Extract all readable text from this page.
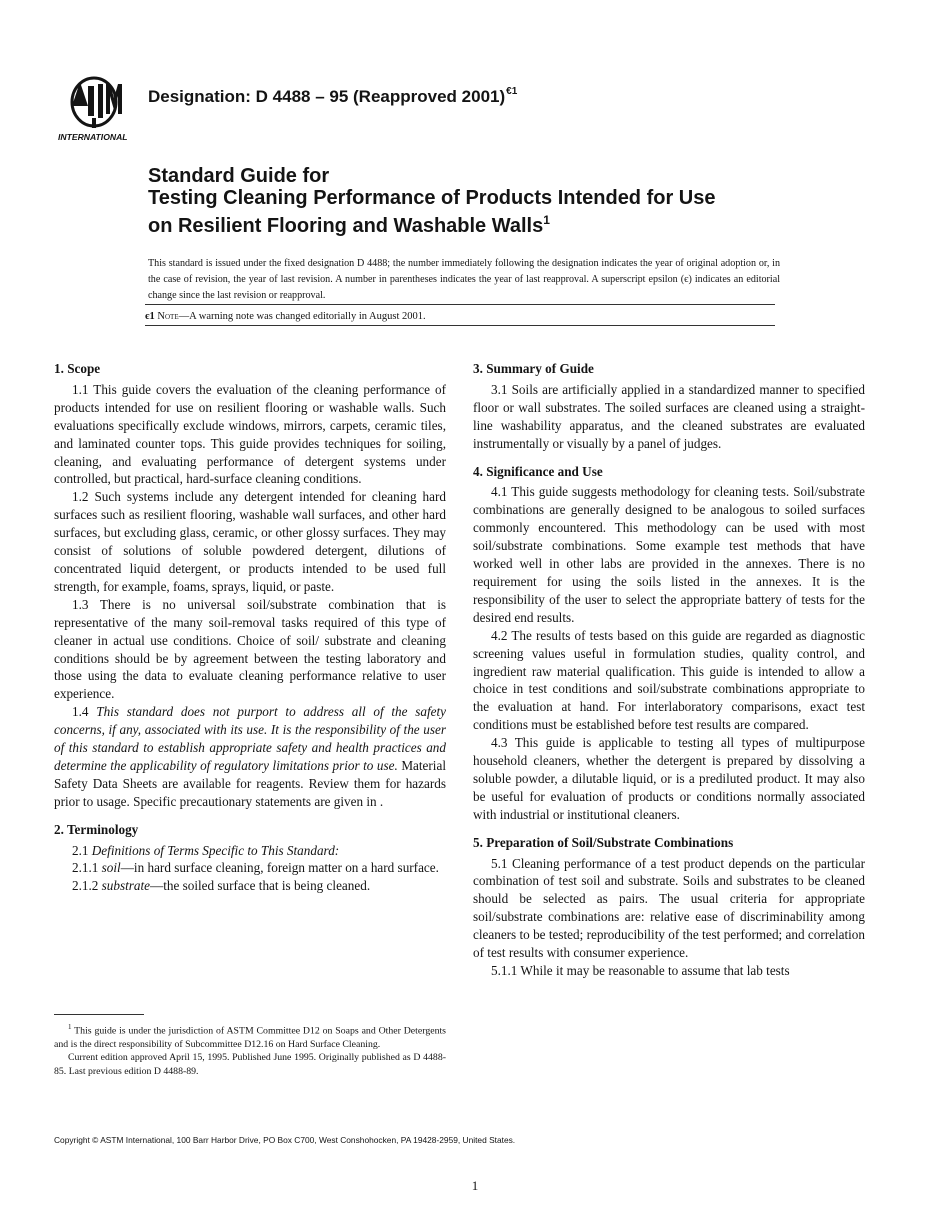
INTERNATIONAL
Designation: D 4488 – 95 (Reapproved 2001)$^{€1}$
Standard Guide for
Testing Cleaning Performance of Products Intended for Use
on Resilient Flooring and Washable Walls$^1$
This standard is issued under the fixed designation D 4488; the number immediately following the designation indicates the year of original adoption or, in the case of revision, the year of last revision. A number in parentheses indicates the year of last reapproval. A superscript epsilon (є) indicates an editorial change since the last revision or reapproval.
є1 Note—A warning note was changed editorially in August 2001.
1. Scope

1.1 This guide covers the evaluation of the cleaning performance of products intended for use on resilient flooring or washable walls. Such evaluations specifically exclude windows, mirrors, carpets, ceramic tiles, and laminated counter tops. This guide provides techniques for soiling, cleaning, and evaluating performance of detergent systems under controlled, but practical, hard-surface cleaning conditions.

1.2 Such systems include any detergent intended for cleaning hard surfaces such as resilient flooring, washable wall surfaces, and other hard surfaces, but excluding glass, ceramic, or other glossy surfaces. They may consist of solutions of soluble powdered detergent, dilutions of concentrated liquid detergent, or products intended to be used full strength, for example, foams, sprays, liquid, or paste.

1.3 There is no universal soil/substrate combination that is representative of the many soil-removal tasks required of this type of cleaner in actual use conditions. Choice of soil/ substrate and cleaning conditions should be by agreement between the testing laboratory and those using the data to evaluate cleaning performance relative to user experience.

1.4 This standard does not purport to address all of the safety concerns, if any, associated with its use. It is the responsibility of the user of this standard to establish appropriate safety and health practices and determine the applicability of regulatory limitations prior to use. Material Safety Data Sheets are available for reagents. Review them for hazards prior to usage. Specific precautionary statements are given in .

2. Terminology

2.1 Definitions of Terms Specific to This Standard:

2.1.1 soil—in hard surface cleaning, foreign matter on a hard surface.

2.1.2 substrate—the soiled surface that is being cleaned.

$^1$ This guide is under the jurisdiction of ASTM Committee D12 on Soaps and Other Detergents and is the direct responsibility of Subcommittee D12.16 on Hard Surface Cleaning.

Current edition approved April 15, 1995. Published June 1995. Originally published as D 4488-85. Last previous edition D 4488-89.

3. Summary of Guide

3.1 Soils are artificially applied in a standardized manner to specified floor or wall substrates. The soiled surfaces are cleaned using a straight-line washability apparatus, and the cleaned substrates are evaluated instrumentally or visually by a panel of judges.

4. Significance and Use

4.1 This guide suggests methodology for cleaning tests. Soil/substrate combinations are generally designed to be analogous to soiled surfaces commonly encountered. This methodology can be used with most soil/substrate combinations. Some example test methods that have worked well in other labs are provided in the annexes. There is no requirement for using the soils listed in the annexes. It is the responsibility of the user to select the appropriate battery of tests for the desired end results.

4.2 The results of tests based on this guide are regarded as diagnostic screening values useful in formulation studies, quality control, and ingredient raw material qualification. This guide is intended to allow a choice in test conditions and soil/substrate combinations appropriate to the evaluation at hand. For interlaboratory comparisons, exact test conditions must be established before test results are compared.

4.3 This guide is applicable to testing all types of multipurpose household cleaners, whether the detergent is prepared by dissolving a soluble powder, a dilutable liquid, or is a prediluted product. It may also be useful for evaluation of products or conditions normally associated with industrial or institutional cleaners.

5. Preparation of Soil/Substrate Combinations

5.1 Cleaning performance of a test product depends on the particular combination of test soil and substrate. Soils and substrates to be cleaned should be selected as pairs. The usual criteria for appropriate soil/substrate combinations are: relative ease of discriminability among cleaners to be tested; reproducibility of the test performed; and correlation of test results with consumer experience.

5.1.1 While it may be reasonable to assume that lab tests

Copyright © ASTM International, 100 Barr Harbor Drive, PO Box C700, West Conshohocken, PA 19428-2959, United States.
1
